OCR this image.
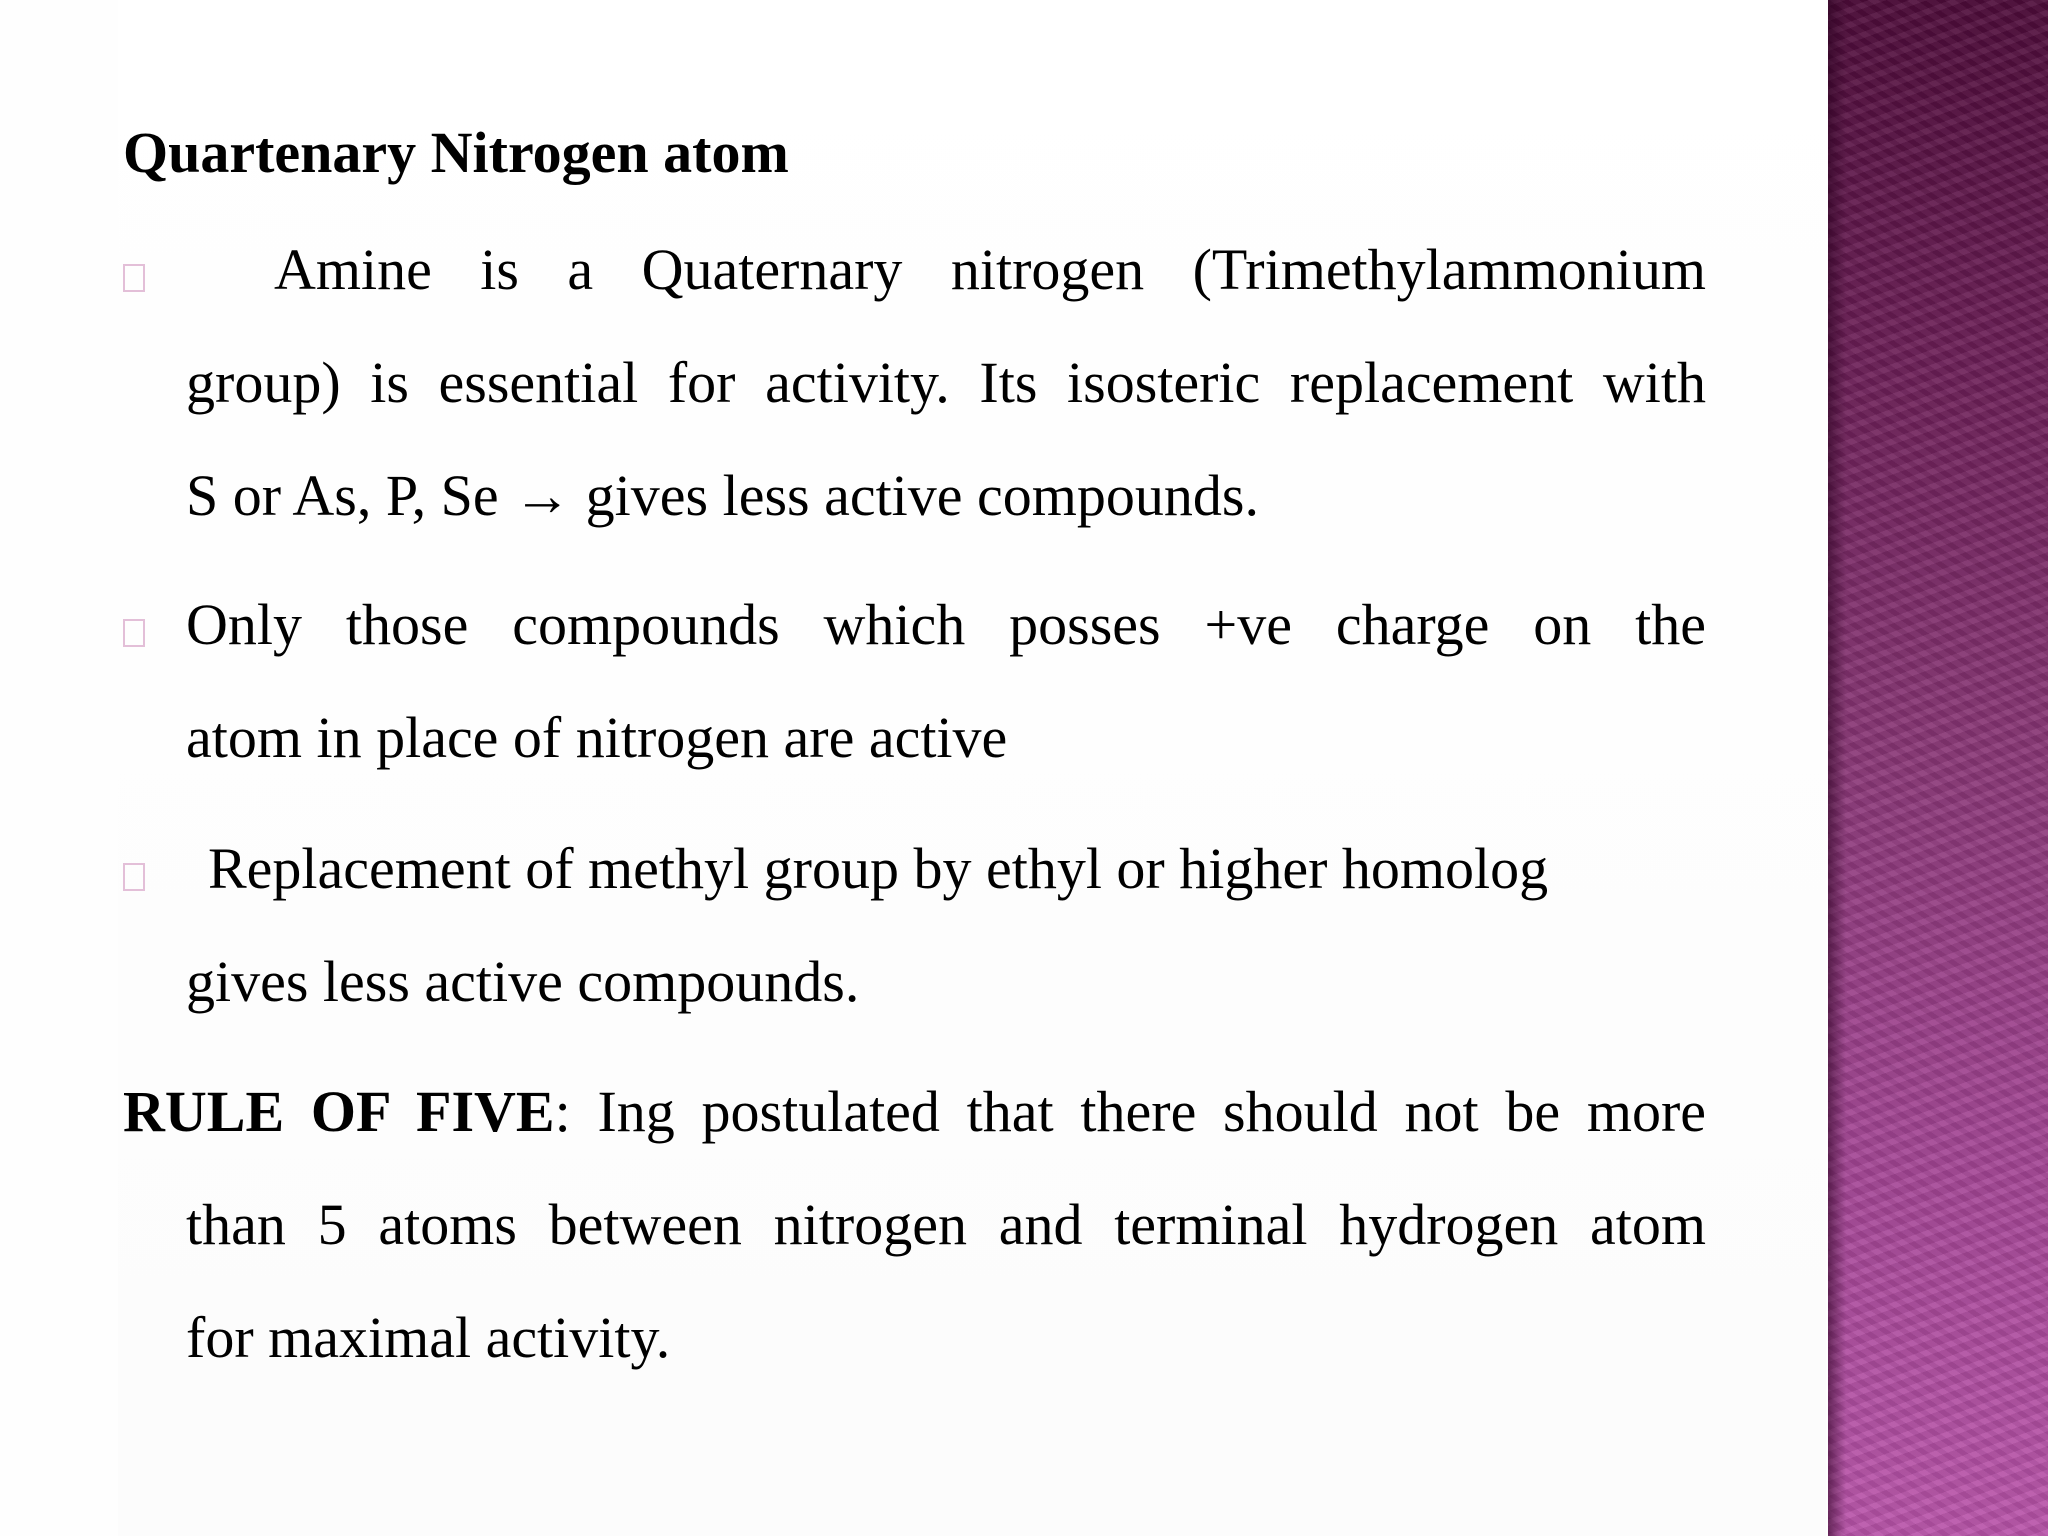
Quartenary Nitrogen atom
Amine is a Quaternary nitrogen (Trimethylammonium
group) is essential for activity. Its isosteric replacement with
S or As, P, Se → gives less active compounds.
Only those compounds which posses +ve charge on the
atom in place of nitrogen are active
Replacement of methyl group by ethyl or higher homolog
gives less active compounds.
RULE OF FIVE: Ing postulated that there should not be more
than 5 atoms between nitrogen and terminal hydrogen atom
for maximal activity.
